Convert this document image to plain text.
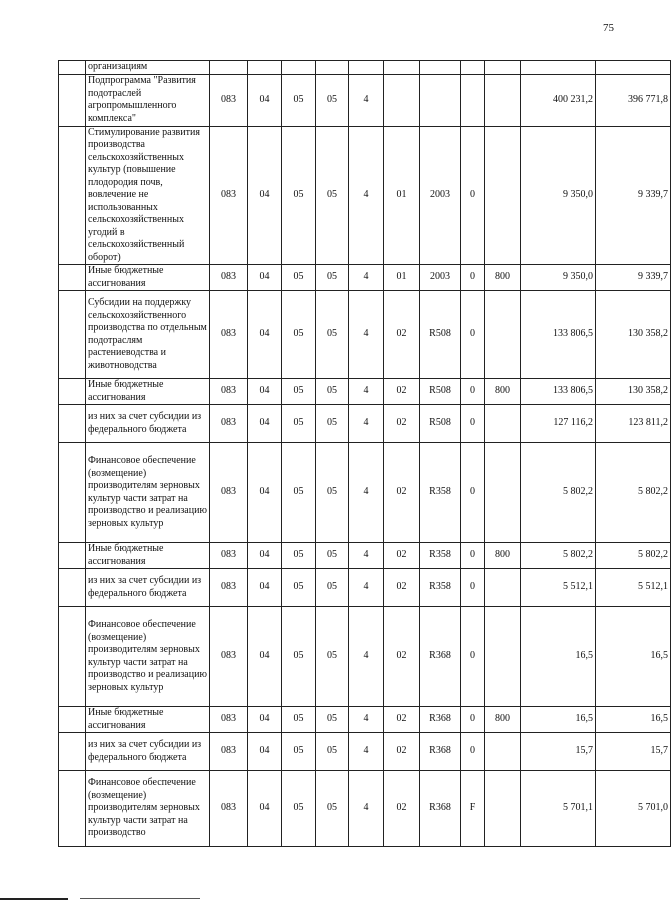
75
	организациям											
	Подпрограмма "Развития подотраслей агропромышленного комплекса"	083	04	05	05	4					400 231,2	396 771,8
	Стимулирование развития производства сельскохозяйственных культур (повышение плодородия почв, вовлечение не использованных сельскохозяйственных угодий в сельскохозяйственный оборот)	083	04	05	05	4	01	2003	0		9 350,0	9 339,7
	Иные бюджетные ассигнования	083	04	05	05	4	01	2003	0	800	9 350,0	9 339,7
	Субсидии на поддержку сельскохозяйственного производства по отдельным подотраслям растениеводства и животноводства	083	04	05	05	4	02	R508	0		133 806,5	130 358,2
	Иные бюджетные ассигнования	083	04	05	05	4	02	R508	0	800	133 806,5	130 358,2
	из них за счет субсидии из федерального бюджета	083	04	05	05	4	02	R508	0		127 116,2	123 811,2
	Финансовое обеспечение (возмещение) производителям зерновых культур части затрат на производство и реализацию зерновых культур	083	04	05	05	4	02	R358	0		5 802,2	5 802,2
	Иные бюджетные ассигнования	083	04	05	05	4	02	R358	0	800	5 802,2	5 802,2
	из них за счет субсидии из федерального бюджета	083	04	05	05	4	02	R358	0		5 512,1	5 512,1
	Финансовое обеспечение (возмещение) производителям зерновых культур части затрат на производство и реализацию зерновых культур	083	04	05	05	4	02	R368	0		16,5	16,5
	Иные бюджетные ассигнования	083	04	05	05	4	02	R368	0	800	16,5	16,5
	из них за счет субсидии из федерального бюджета	083	04	05	05	4	02	R368	0		15,7	15,7
	Финансовое обеспечение (возмещение) производителям зерновых культур части затрат на производство	083	04	05	05	4	02	R368	F		5 701,1	5 701,0
